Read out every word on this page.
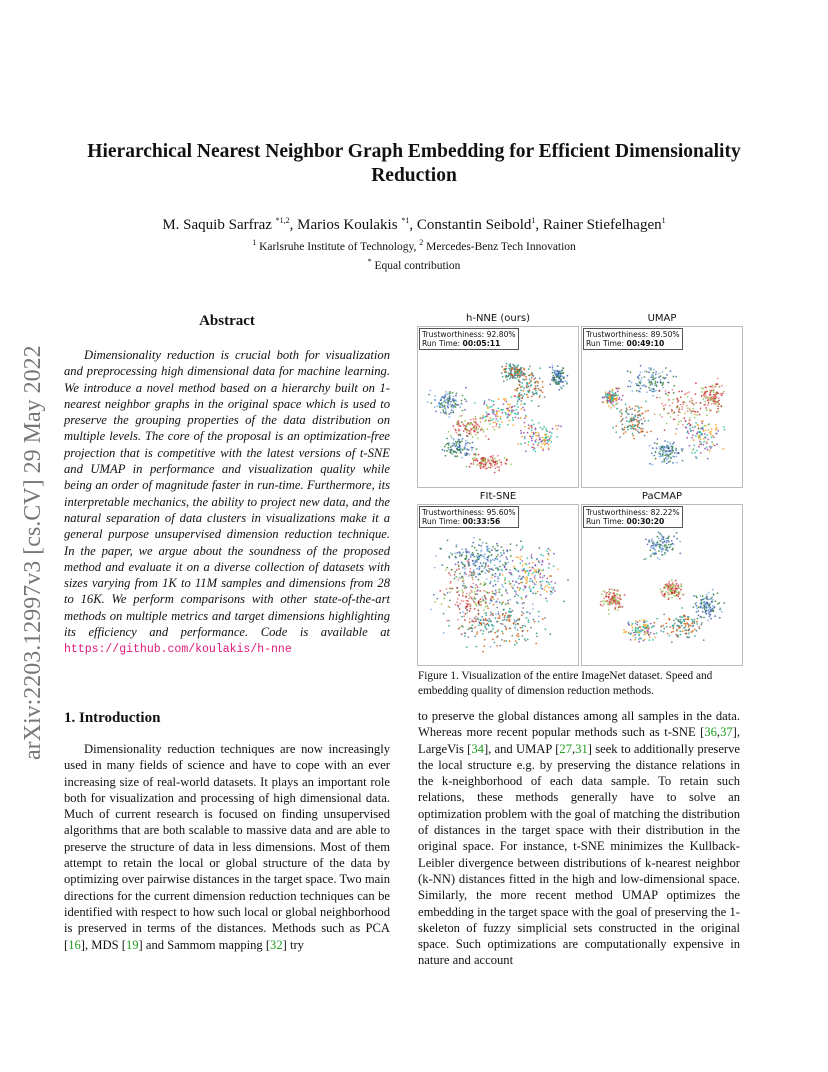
Hierarchical Nearest Neighbor Graph Embedding for Efficient Dimensionality Reduction
M. Saquib Sarfraz $^{*1,2}$, Marios Koulakis $^{*1}$, Constantin Seibold$^1$, Rainer Stiefelhagen$^1$
$^1$ Karlsruhe Institute of Technology, $^2$ Mercedes-Benz Tech Innovation
* Equal contribution
arXiv:2203.12997v3 [cs.CV] 29 May 2022
Abstract
Dimensionality reduction is crucial both for visualization and preprocessing high dimensional data for machine learning. We introduce a novel method based on a hierarchy built on 1-nearest neighbor graphs in the original space which is used to preserve the grouping properties of the data distribution on multiple levels. The core of the proposal is an optimization-free projection that is competitive with the latest versions of t-SNE and UMAP in performance and visualization quality while being an order of magnitude faster in run-time. Furthermore, its interpretable mechanics, the ability to project new data, and the natural separation of data clusters in visualizations make it a general purpose unsupervised dimension reduction technique. In the paper, we argue about the soundness of the proposed method and evaluate it on a diverse collection of datasets with sizes varying from 1K to 11M samples and dimensions from 28 to 16K. We perform comparisons with other state-of-the-art methods on multiple metrics and target dimensions highlighting its efficiency and performance. Code is available at https://github.com/koulakis/h-nne
h-NNE (ours)
Trustworthiness: 92.80%
Run Time: 00:05:11
UMAP
Trustworthiness: 89.50%
Run Time: 00:49:10
FIt-SNE
Trustworthiness: 95.60%
Run Time: 00:33:56
PaCMAP
Trustworthiness: 82.22%
Run Time: 00:30:20
Figure 1. Visualization of the entire ImageNet dataset. Speed and embedding quality of dimension reduction methods.
1. Introduction
Dimensionality reduction techniques are now increasingly used in many fields of science and have to cope with an ever increasing size of real-world datasets. It plays an important role both for visualization and processing of high dimensional data. Much of current research is focused on finding unsupervised algorithms that are both scalable to massive data and are able to preserve the structure of data in less dimensions. Most of them attempt to retain the local or global structure of the data by optimizing over pairwise distances in the target space. Two main directions for the current dimension reduction techniques can be identified with respect to how such local or global neighborhood is preserved in terms of the distances. Methods such as PCA [16], MDS [19] and Sammom mapping [32] try
to preserve the global distances among all samples in the data. Whereas more recent popular methods such as t-SNE [36,37], LargeVis [34], and UMAP [27,31] seek to additionally preserve the local structure e.g. by preserving the distance relations in the k-neighborhood of each data sample. To retain such relations, these methods generally have to solve an optimization problem with the goal of matching the distribution of distances in the target space with their distribution in the original space. For instance, t-SNE minimizes the Kullback-Leibler divergence between distributions of k-nearest neighbor (k-NN) distances fitted in the high and low-dimensional space. Similarly, the more recent method UMAP optimizes the embedding in the target space with the goal of preserving the 1-skeleton of fuzzy simplicial sets constructed in the original space. Such optimizations are computationally expensive in nature and account
